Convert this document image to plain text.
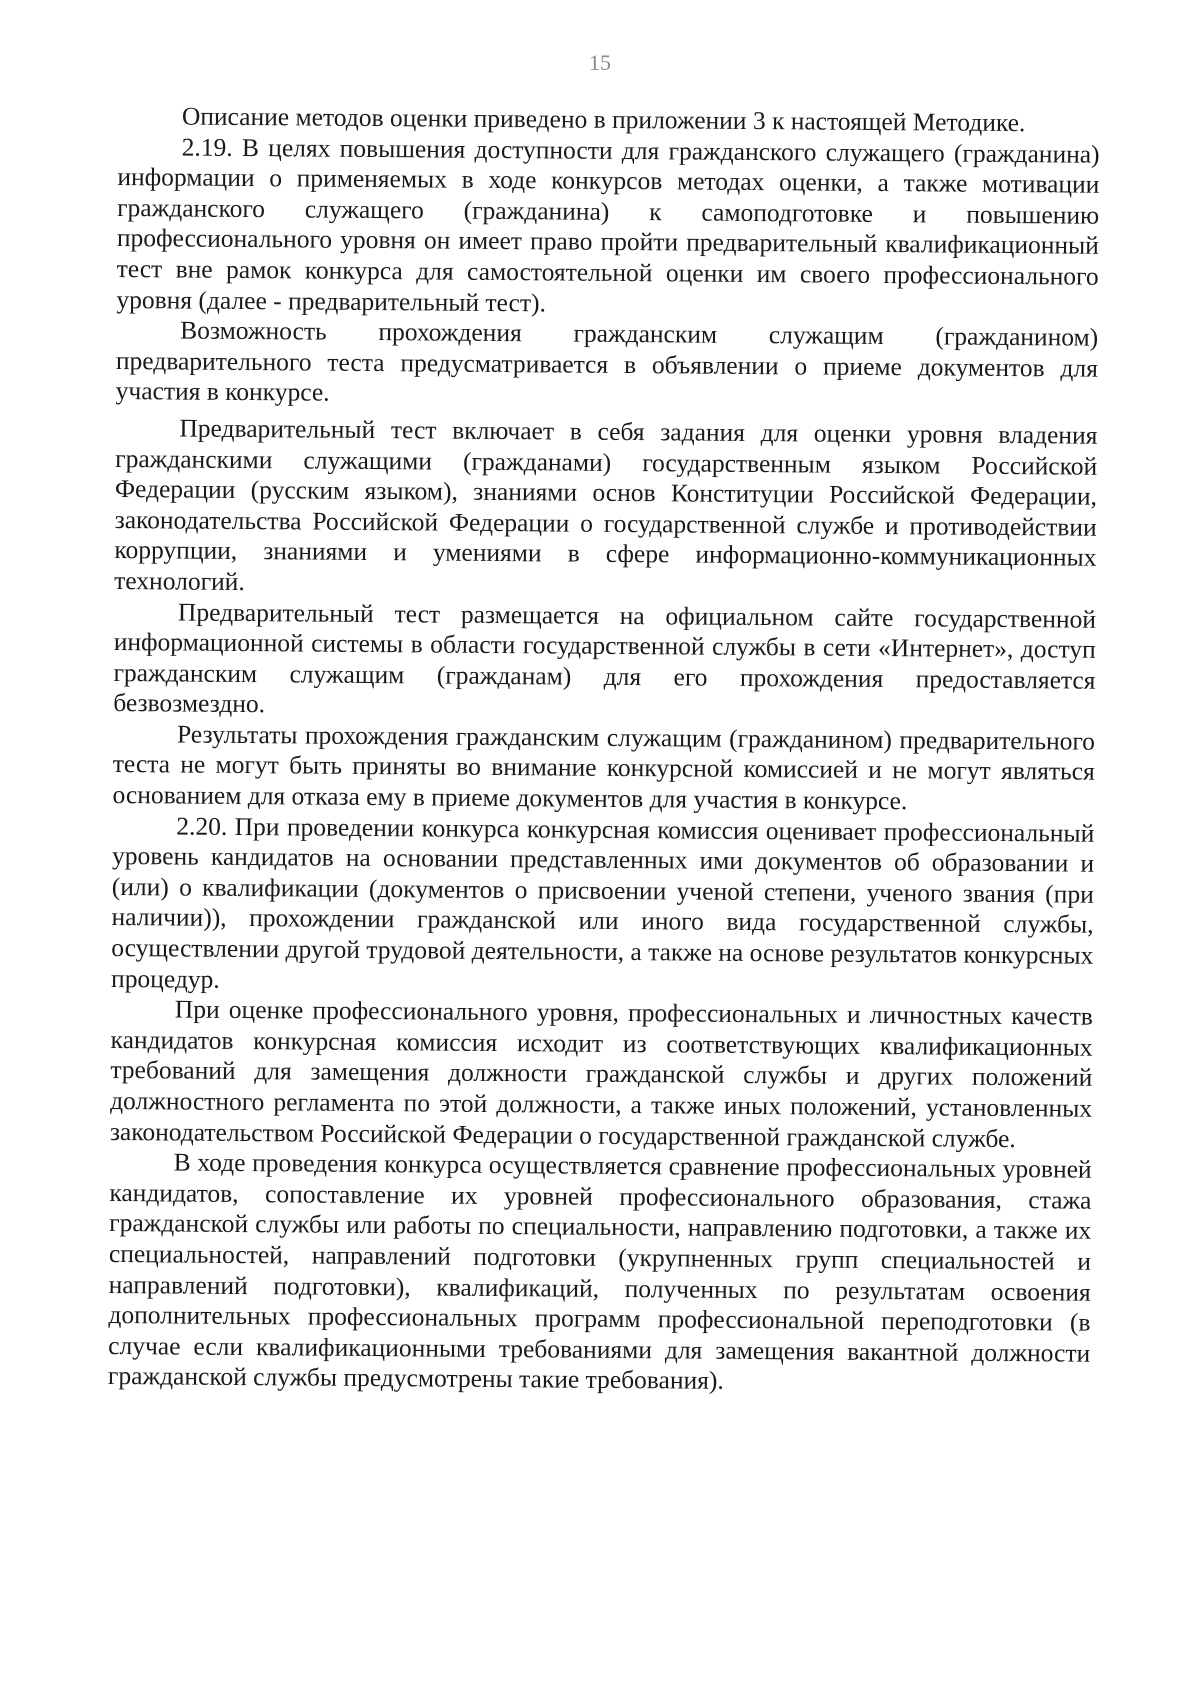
15

Описание методов оценки приведено в приложении 3 к настоящей Методике.

2.19. В целях повышения доступности для гражданского служащего (гражданина) информации о применяемых в ходе конкурсов методах оценки, а также мотивации гражданского служащего (гражданина) к самоподготовке и повышению профессионального уровня он имеет право пройти предварительный квалификационный тест вне рамок конкурса для самостоятельной оценки им своего профессионального уровня (далее - предварительный тест).

Возможность прохождения гражданским служащим (гражданином) предварительного теста предусматривается в объявлении о приеме документов для участия в конкурсе.

Предварительный тест включает в себя задания для оценки уровня владения гражданскими служащими (гражданами) государственным языком Российской Федерации (русским языком), знаниями основ Конституции Российской Федерации, законодательства Российской Федерации о государственной службе и противодействии коррупции, знаниями и умениями в сфере информационно-коммуникационных технологий.

Предварительный тест размещается на официальном сайте государственной информационной системы в области государственной службы в сети «Интернет», доступ гражданским служащим (гражданам) для его прохождения предоставляется безвозмездно.

Результаты прохождения гражданским служащим (гражданином) предварительного теста не могут быть приняты во внимание конкурсной комиссией и не могут являться основанием для отказа ему в приеме документов для участия в конкурсе.

2.20. При проведении конкурса конкурсная комиссия оценивает профессиональный уровень кандидатов на основании представленных ими документов об образовании и (или) о квалификации (документов о присвоении ученой степени, ученого звания (при наличии)), прохождении гражданской или иного вида государственной службы, осуществлении другой трудовой деятельности, а также на основе результатов конкурсных процедур.

При оценке профессионального уровня, профессиональных и личностных качеств кандидатов конкурсная комиссия исходит из соответствующих квалификационных требований для замещения должности гражданской службы и других положений должностного регламента по этой должности, а также иных положений, установленных законодательством Российской Федерации о государственной гражданской службе.

В ходе проведения конкурса осуществляется сравнение профессиональных уровней кандидатов, сопоставление их уровней профессионального образования, стажа гражданской службы или работы по специальности, направлению подготовки, а также их специальностей, направлений подготовки (укрупненных групп специальностей и направлений подготовки), квалификаций, полученных по результатам освоения дополнительных профессиональных программ профессиональной переподготовки (в случае если квалификационными требованиями для замещения вакантной должности гражданской службы предусмотрены такие требования).
